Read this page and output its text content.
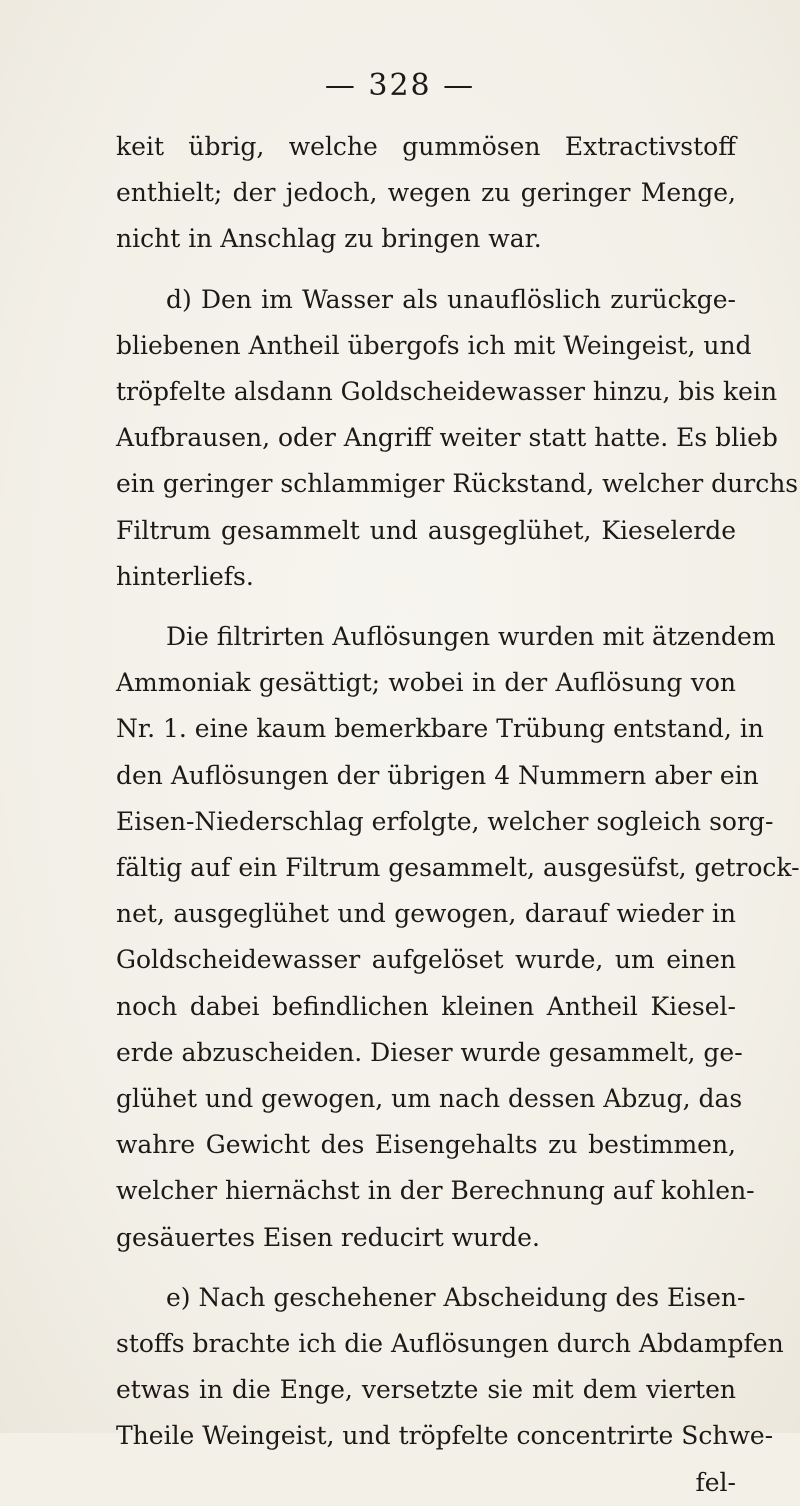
— 328 —
keit übrig, welche gummösen Extractivstoff
enthielt; der jedoch, wegen zu geringer Menge,
nicht in Anschlag zu bringen war.
d) Den im Wasser als unauflöslich zurückge-
bliebenen Antheil übergofs ich mit Weingeist, und
tröpfelte alsdann Goldscheidewasser hinzu, bis kein
Aufbrausen, oder Angriff weiter statt hatte. Es blieb
ein geringer schlammiger Rückstand, welcher durchs
Filtrum gesammelt und ausgeglühet, Kieselerde
hinterliefs.
Die filtrirten Auflösungen wurden mit ätzendem
Ammoniak gesättigt; wobei in der Auflösung von
Nr. 1. eine kaum bemerkbare Trübung entstand, in
den Auflösungen der übrigen 4 Nummern aber ein
Eisen-Niederschlag erfolgte, welcher sogleich sorg-
fältig auf ein Filtrum gesammelt, ausgesüfst, getrock-
net, ausgeglühet und gewogen, darauf wieder in
Goldscheidewasser aufgelöset wurde, um einen
noch dabei befindlichen kleinen Antheil Kiesel-
erde abzuscheiden. Dieser wurde gesammelt, ge-
glühet und gewogen, um nach dessen Abzug, das
wahre Gewicht des Eisengehalts zu bestimmen,
welcher hiernächst in der Berechnung auf kohlen-
gesäuertes Eisen reducirt wurde.
e) Nach geschehener Abscheidung des Eisen-
stoffs brachte ich die Auflösungen durch Abdampfen
etwas in die Enge, versetzte sie mit dem vierten
Theile Weingeist, und tröpfelte concentrirte Schwe-
fel-
